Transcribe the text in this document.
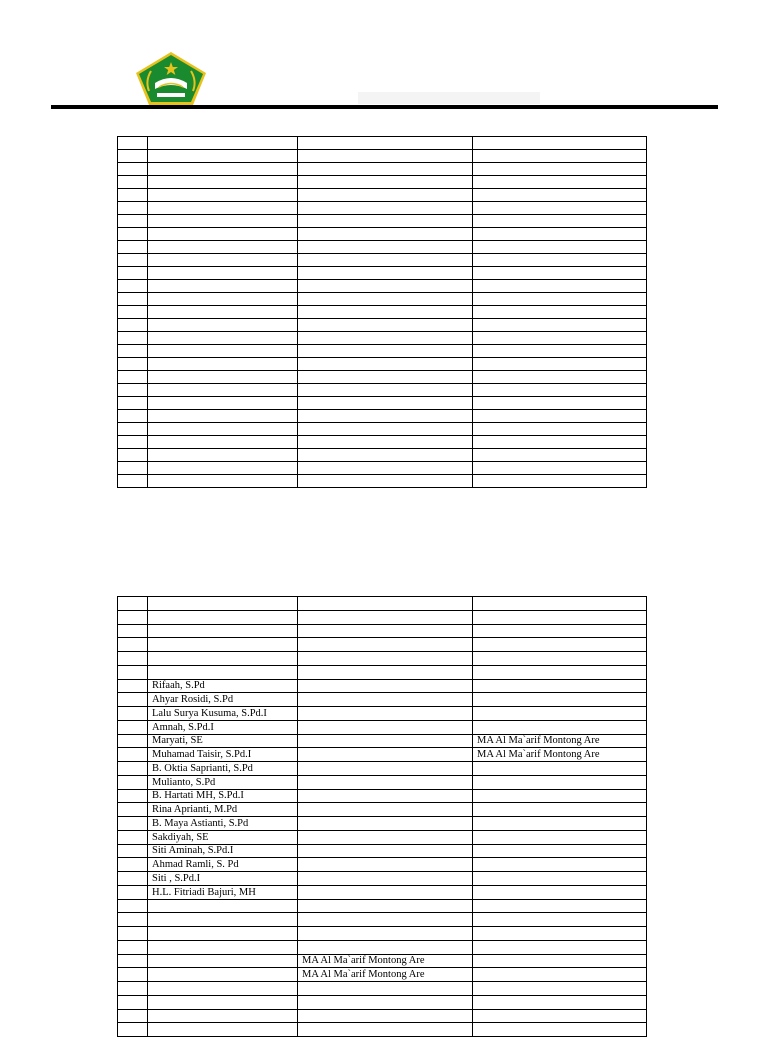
	Rifaah, S.Pd		
	Ahyar Rosidi, S.Pd		
	Lalu Surya Kusuma, S.Pd.I		
	Amnah, S.Pd.I		
	Maryati, SE		MA Al Ma`arif Montong Are
	Muhamad Taisir, S.Pd.I		MA Al Ma`arif Montong Are
	B. Oktia Saprianti, S.Pd		
	Mulianto, S.Pd		
	B. Hartati MH, S.Pd.I		
	Rina Aprianti, M.Pd		
	B. Maya Astianti, S.Pd		
	Sakdiyah, SE		
	Siti Aminah, S.Pd.I		
	Ahmad Ramli, S. Pd		
	Siti , S.Pd.I		
	H.L. Fitriadi Bajuri, MH		

		MA Al Ma`arif Montong Are	
		MA Al Ma`arif Montong Are	
